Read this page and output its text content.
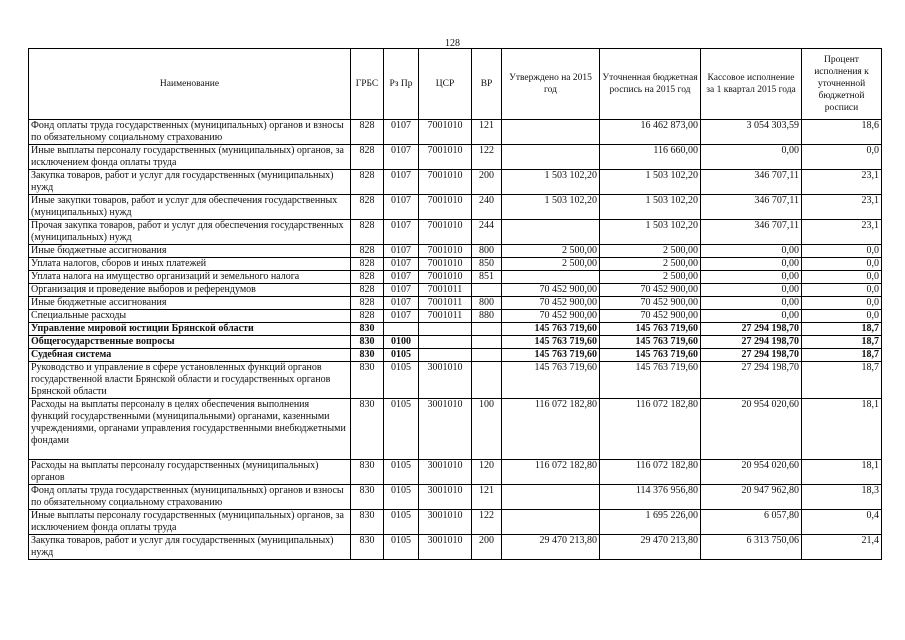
128
Наименование	ГРБС	Рз Пр	ЦСР	ВР	Утверждено на 2015 год	Уточненная бюджетная роспись на 2015 год	Кассовое исполнение за 1 квартал 2015 года	Процент исполнения к уточненной бюджетной росписи
Фонд оплаты труда государственных (муниципальных) органов и взносы по обязательному социальному страхованию	828	0107	7001010	121		16 462 873,00	3 054 303,59	18,6
Иные выплаты персоналу государственных (муниципальных) органов, за исключением фонда оплаты труда	828	0107	7001010	122		116 660,00	0,00	0,0
Закупка товаров, работ и услуг для государственных (муниципальных) нужд	828	0107	7001010	200	1 503 102,20	1 503 102,20	346 707,11	23,1
Иные закупки товаров, работ и услуг для обеспечения государственных (муниципальных) нужд	828	0107	7001010	240	1 503 102,20	1 503 102,20	346 707,11	23,1
Прочая закупка товаров, работ и услуг для обеспечения государственных (муниципальных) нужд	828	0107	7001010	244		1 503 102,20	346 707,11	23,1
Иные бюджетные ассигнования	828	0107	7001010	800	2 500,00	2 500,00	0,00	0,0
Уплата налогов, сборов и иных платежей	828	0107	7001010	850	2 500,00	2 500,00	0,00	0,0
Уплата налога на имущество организаций и земельного налога	828	0107	7001010	851		2 500,00	0,00	0,0
Организация и проведение выборов и референдумов	828	0107	7001011		70 452 900,00	70 452 900,00	0,00	0,0
Иные бюджетные ассигнования	828	0107	7001011	800	70 452 900,00	70 452 900,00	0,00	0,0
Специальные расходы	828	0107	7001011	880	70 452 900,00	70 452 900,00	0,00	0,0
Управление мировой юстиции Брянской области	830				145 763 719,60	145 763 719,60	27 294 198,70	18,7
Общегосударственные вопросы	830	0100			145 763 719,60	145 763 719,60	27 294 198,70	18,7
Судебная система	830	0105			145 763 719,60	145 763 719,60	27 294 198,70	18,7
Руководство и управление в сфере установленных функций органов государственной власти Брянской области и государственных органов Брянской области	830	0105	3001010		145 763 719,60	145 763 719,60	27 294 198,70	18,7
Расходы на выплаты персоналу в целях обеспечения выполнения функций государственными (муниципальными) органами, казенными учреждениями, органами управления государственными внебюджетными фондами	830	0105	3001010	100	116 072 182,80	116 072 182,80	20 954 020,60	18,1
Расходы на выплаты персоналу государственных (муниципальных) органов	830	0105	3001010	120	116 072 182,80	116 072 182,80	20 954 020,60	18,1
Фонд оплаты труда государственных (муниципальных) органов и взносы по обязательному социальному страхованию	830	0105	3001010	121		114 376 956,80	20 947 962,80	18,3
Иные выплаты персоналу государственных (муниципальных) органов, за исключением фонда оплаты труда	830	0105	3001010	122		1 695 226,00	6 057,80	0,4
Закупка товаров, работ и услуг для государственных (муниципальных) нужд	830	0105	3001010	200	29 470 213,80	29 470 213,80	6 313 750,06	21,4
